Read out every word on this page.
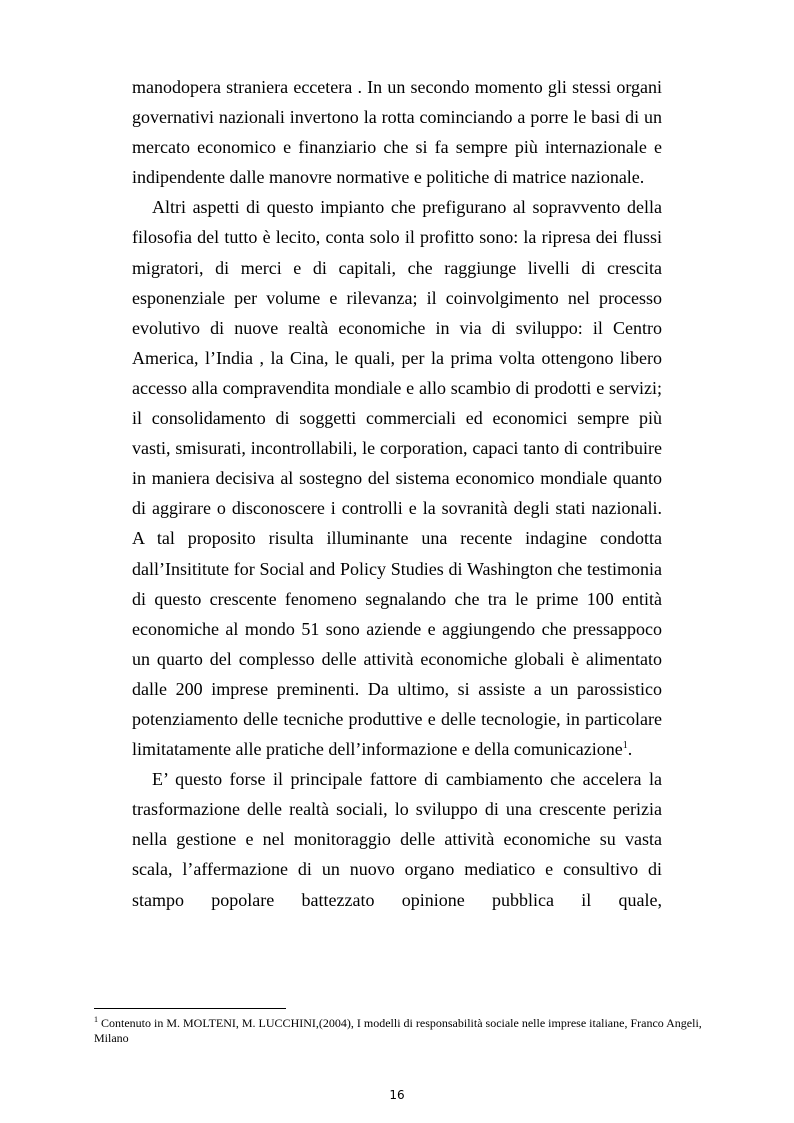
manodopera straniera eccetera . In un secondo momento gli stessi organi governativi nazionali invertono la rotta cominciando a porre le basi di un mercato economico e finanziario che si fa sempre più internazionale e indipendente dalle manovre normative e politiche di matrice nazionale.

Altri aspetti di questo impianto che prefigurano al sopravvento della filosofia del tutto è lecito, conta solo il profitto sono: la ripresa dei flussi migratori, di merci e di capitali, che raggiunge livelli di crescita esponenziale per volume e rilevanza; il coinvolgimento nel processo evolutivo di nuove realtà economiche in via di sviluppo: il Centro America, l’India , la Cina, le quali, per la prima volta ottengono libero accesso alla compravendita mondiale e allo scambio di prodotti e servizi; il consolidamento di soggetti commerciali ed economici sempre più vasti, smisurati, incontrollabili, le corporation, capaci tanto di contribuire in maniera decisiva al sostegno del sistema economico mondiale quanto di aggirare o disconoscere i controlli e la sovranità degli stati nazionali. A tal proposito risulta illuminante una recente indagine condotta dall’Insititute for Social and Policy Studies di Washington che testimonia di questo crescente fenomeno segnalando che tra le prime 100 entità economiche al mondo 51 sono aziende e aggiungendo che pressappoco un quarto del complesso delle attività economiche globali è alimentato dalle 200 imprese preminenti. Da ultimo, si assiste a un parossistico potenziamento delle tecniche produttive e delle tecnologie, in particolare limitatamente alle pratiche dell’informazione e della comunicazione$^1$.

E’ questo forse il principale fattore di cambiamento che accelera la trasformazione delle realtà sociali, lo sviluppo di una crescente perizia nella gestione e nel monitoraggio delle attività economiche su vasta scala, l’affermazione di un nuovo organo mediatico e consultivo di stampo popolare battezzato opinione pubblica il quale,

$^1$ Contenuto in M. MOLTENI, M. LUCCHINI,(2004), I modelli di responsabilità sociale nelle imprese italiane, Franco Angeli, Milano
16
